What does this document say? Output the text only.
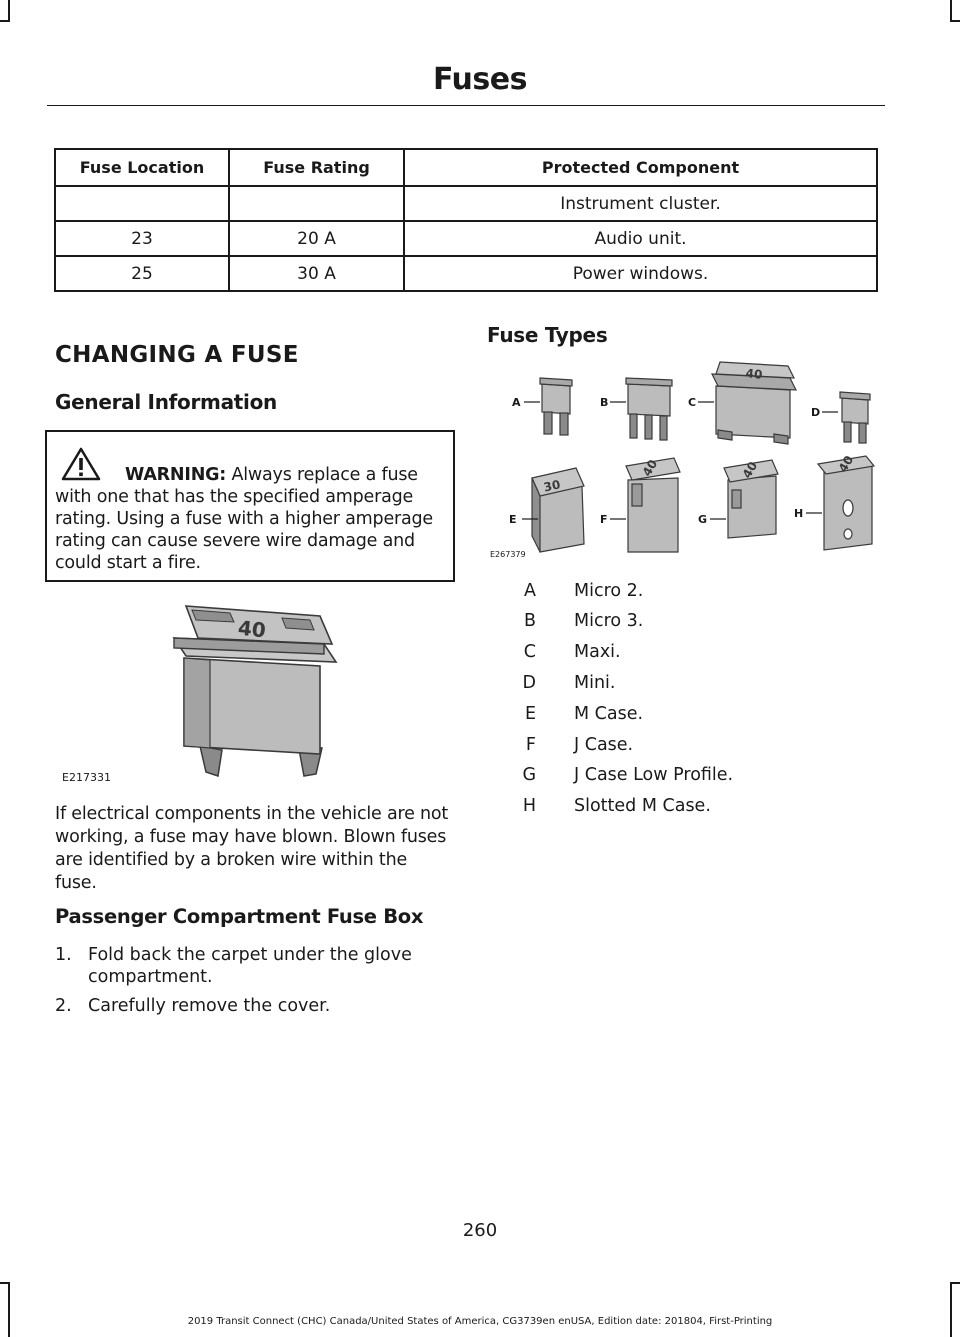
Fuses
Fuse Location	Fuse Rating	Protected Component
		Instrument cluster.
23	20 A	Audio unit.
25	30 A	Power windows.
CHANGING A FUSE
General Information
WARNING: Always replace a fuse with one that has the specified amperage rating. Using a fuse with a higher amperage rating can cause severe wire damage and could start a fire.
40
E217331
If electrical components in the vehicle are not working, a fuse may have blown. Blown fuses are identified by a broken wire within the fuse.
Passenger Compartment Fuse Box
1. Fold back the carpet under the glove compartment.
2. Carefully remove the cover.
Fuse Types
40
30
40	40	40
A	B	C
D
E	F	G	H
E267379
A Micro 2.
B Micro 3.
C Maxi.
D Mini.
E M Case.
F J Case.
G J Case Low Profile.
H Slotted M Case.
260
2019 Transit Connect (CHC) Canada/United States of America, CG3739en enUSA, Edition date: 201804, First-Printing
